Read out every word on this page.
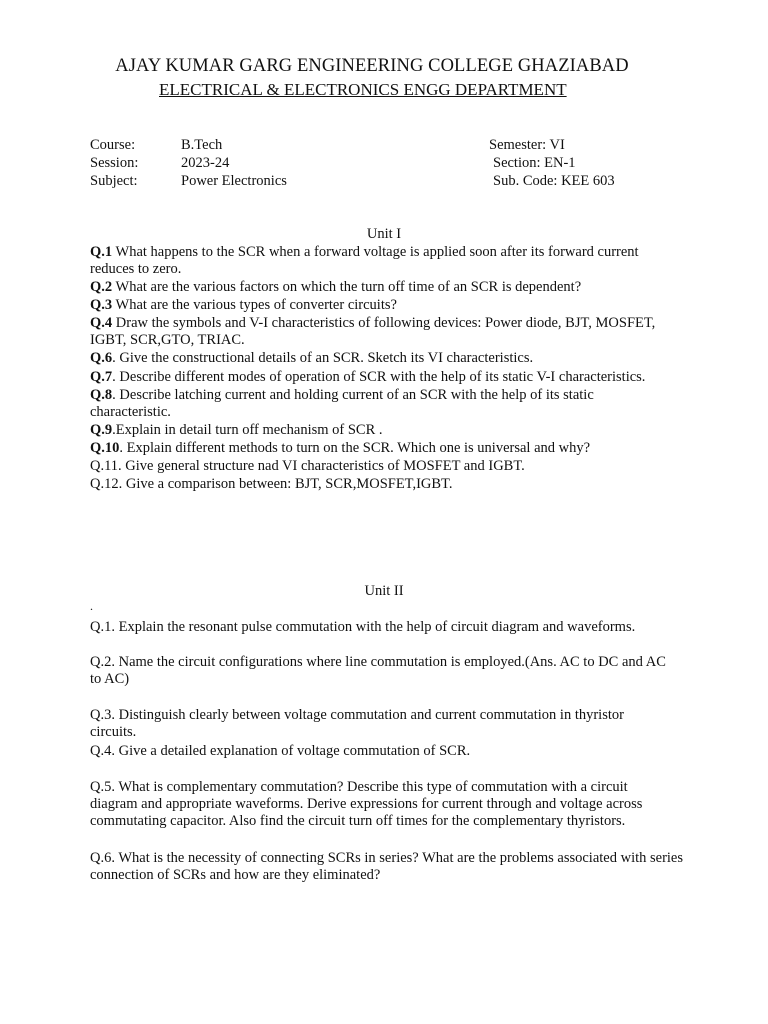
AJAY KUMAR GARG ENGINEERING COLLEGE GHAZIABAD
ELECTRICAL & ELECTRONICS ENGG DEPARTMENT
Course:	B.Tech	Semester: VI
Session:	2023-24	Section: EN-1
Subject:	Power Electronics	Sub. Code: KEE 603
Unit I
Q.1 What happens to the SCR when a forward voltage is applied soon after its forward current reduces to zero.
Q.2 What are the various factors on which the turn off time of an SCR is dependent?
Q.3 What are the various types of converter circuits?
Q.4 Draw the symbols and V-I characteristics of following devices: Power diode, BJT, MOSFET, IGBT, SCR,GTO, TRIAC.
Q.6. Give the constructional details of an SCR. Sketch its VI characteristics.
Q.7. Describe different modes of operation of SCR with the help of its static V-I characteristics.
Q.8. Describe latching current and holding current of an SCR with the help of its static characteristic.
Q.9.Explain in detail turn off mechanism of SCR .
Q.10. Explain different methods to turn on the SCR. Which one is universal and why?
Q.11. Give general structure nad VI characteristics of MOSFET and IGBT.
Q.12. Give a comparison between: BJT, SCR,MOSFET,IGBT.
Unit II
.
Q.1. Explain the resonant pulse commutation with the help of circuit diagram and waveforms.
Q.2. Name the circuit configurations where line commutation is employed.(Ans. AC to DC and AC to AC)
Q.3. Distinguish clearly between voltage commutation and current commutation in thyristor circuits.
Q.4. Give a detailed explanation of voltage commutation of SCR.
Q.5. What is complementary commutation? Describe this type of commutation with a circuit diagram and appropriate waveforms. Derive expressions for current through and voltage across commutating capacitor. Also find the circuit turn off times for the complementary thyristors.
Q.6. What is the necessity of connecting SCRs in series? What are the problems associated with series connection of SCRs and how are they eliminated?
